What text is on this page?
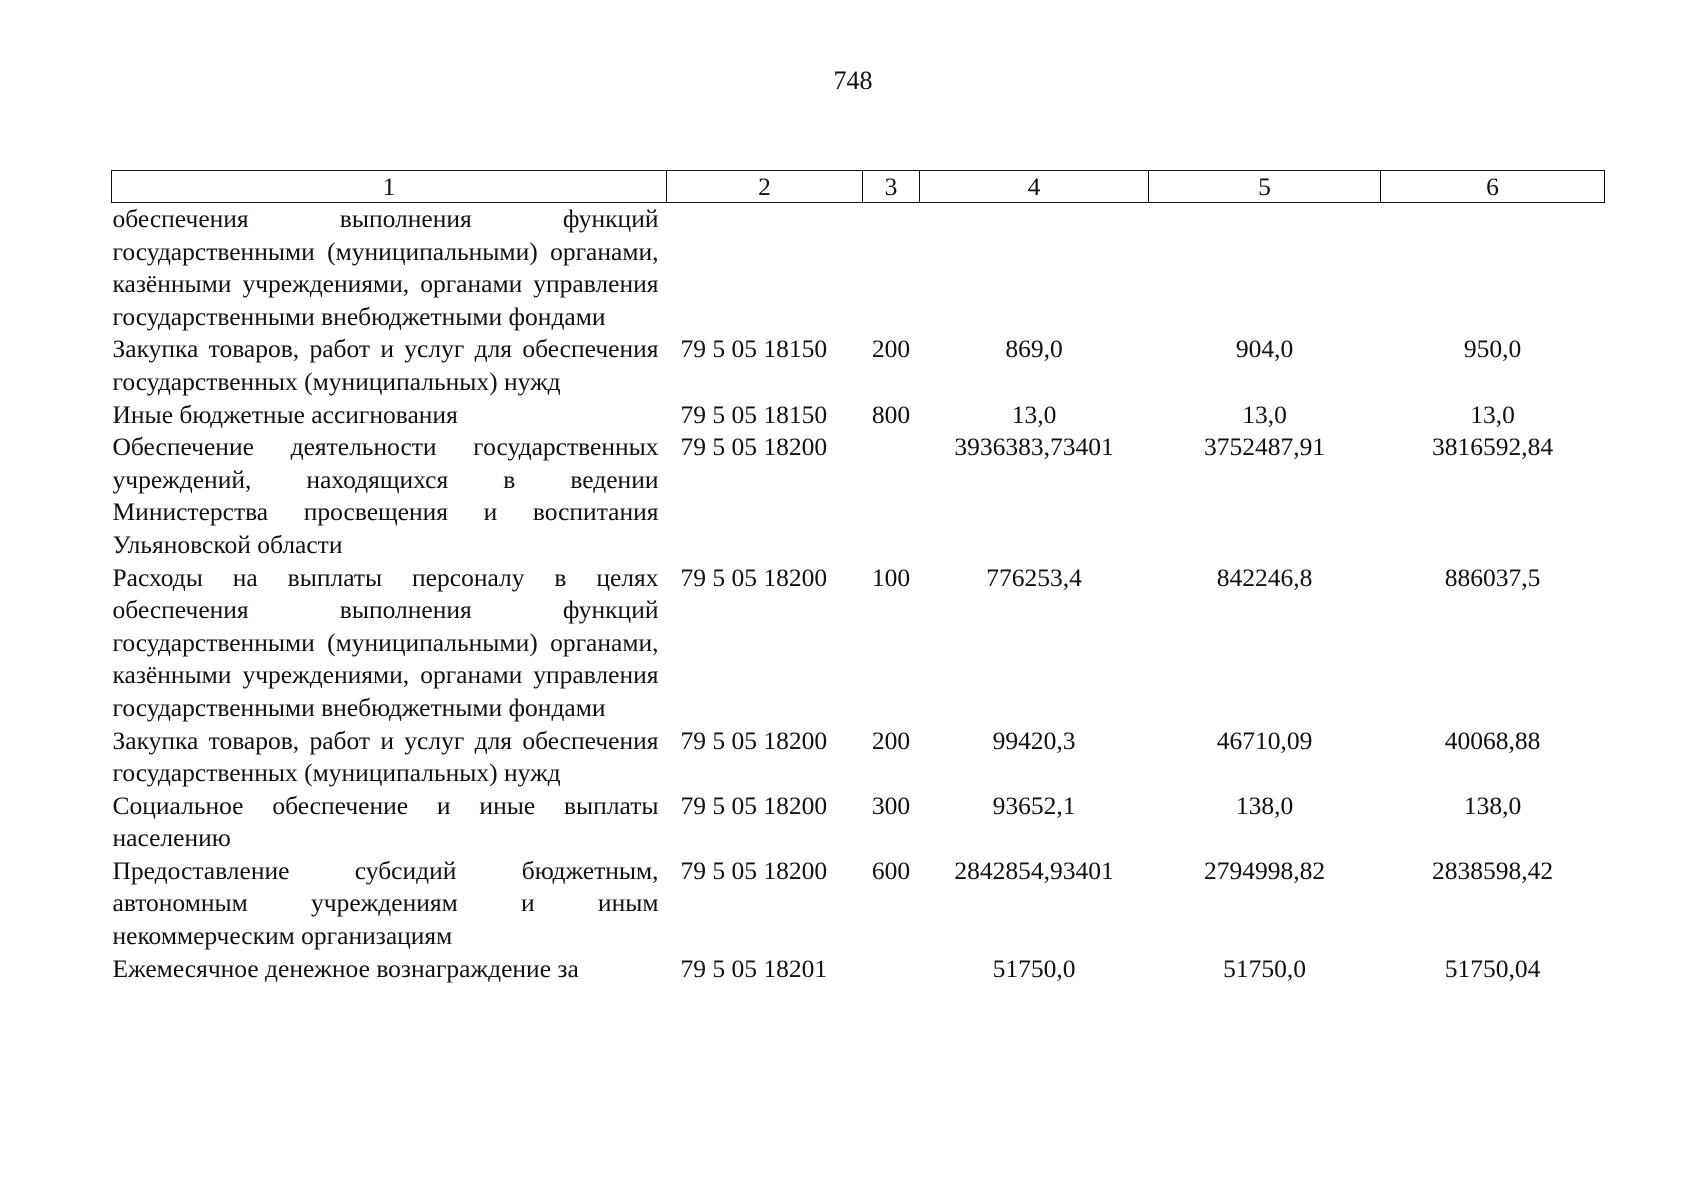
748
1	2	3	4	5	6
обеспечения выполнения функций государственными (муниципальными) органами, казёнными учреждениями, органами управления государственными внебюджетными фондами					
Закупка товаров, работ и услуг для обеспечения государственных (муниципальных) нужд	79 5 05 18150	200	869,0	904,0	950,0
Иные бюджетные ассигнования	79 5 05 18150	800	13,0	13,0	13,0
Обеспечение деятельности государственных учреждений, находящихся в ведении Министерства просвещения и воспитания Ульяновской области	79 5 05 18200		3936383,73401	3752487,91	3816592,84
Расходы на выплаты персоналу в целях обеспечения выполнения функций государственными (муниципальными) органами, казёнными учреждениями, органами управления государственными внебюджетными фондами	79 5 05 18200	100	776253,4	842246,8	886037,5
Закупка товаров, работ и услуг для обеспечения государственных (муниципальных) нужд	79 5 05 18200	200	99420,3	46710,09	40068,88
Социальное обеспечение и иные выплаты населению	79 5 05 18200	300	93652,1	138,0	138,0
Предоставление субсидий бюджетным, автономным учреждениям и иным некоммерческим организациям	79 5 05 18200	600	2842854,93401	2794998,82	2838598,42
Ежемесячное денежное вознаграждение за	79 5 05 18201		51750,0	51750,0	51750,04
